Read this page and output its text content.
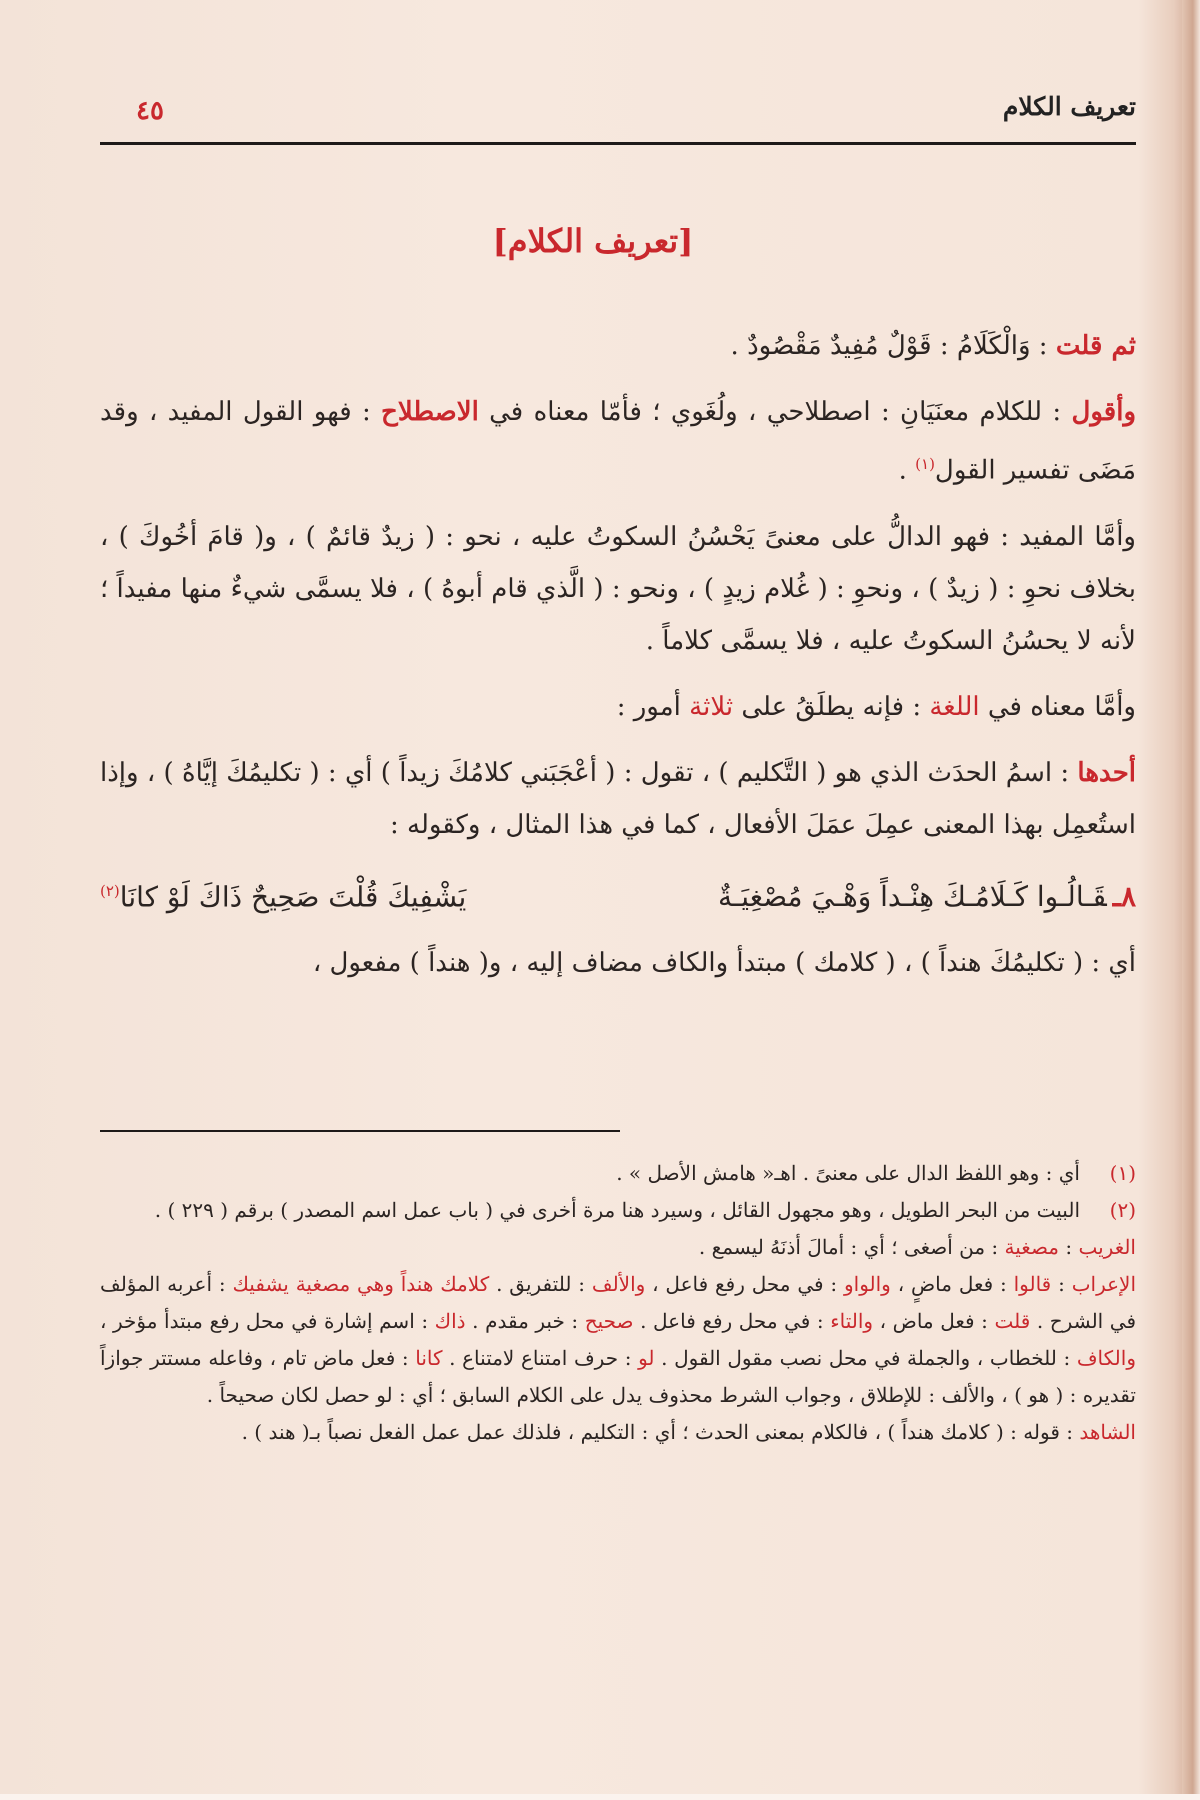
تعريف الكلام
٤٥
[تعريف الكلام]

ثم قلت : وَالْكَلَامُ : قَوْلٌ مُفِيدٌ مَقْصُودٌ .

وأقول : للكلام معنَيَانِ : اصطلاحي ، ولُغَوي ؛ فأمّا معناه في الاصطلاح : فهو القول المفيد ، وقد مَضَى تفسير القول$^{(١)}$ .

وأمَّا المفيد : فهو الدالُّ على معنىً يَحْسُنُ السكوتُ عليه ، نحو : ( زيدٌ قائمٌ ) ، و( قامَ أخُوكَ ) ، بخلاف نحوِ : ( زيدٌ ) ، ونحوِ : ( غُلام زيدٍ ) ، ونحو : ( الَّذي قام أبوهُ ) ، فلا يسمَّى شيءٌ منها مفيداً ؛ لأنه لا يحسُنُ السكوتُ عليه ، فلا يسمَّى كلاماً .

وأمَّا معناه في اللغة : فإنه يطلَقُ على ثلاثة أمور :

أحدها : اسمُ الحدَث الذي هو ( التَّكليم ) ، تقول : ( أعْجَبَني كلامُكَ زيداً ) أي : ( تكليمُكَ إيَّاهُ ) ، وإذا استُعمِل بهذا المعنى عمِلَ عمَلَ الأفعال ، كما في هذا المثال ، وكقوله :

٨ـقَـالُـوا كَـلَامُـكَ هِنْـداً وَهْـيَ مُصْغِيَـةٌ
يَشْفِيكَ قُلْتَ صَحِيحٌ ذَاكَ لَوْ كانَا$^{(٢)}$

أي : ( تكليمُكَ هنداً ) ، ( كلامك ) مبتدأ والكاف مضاف إليه ، و( هنداً ) مفعول ،

(١)
أي : وهو اللفظ الدال على معنىً . اهـ« هامش الأصل » .
(٢)
البيت من البحر الطويل ، وهو مجهول القائل ، وسيرد هنا مرة أخرى في ( باب عمل اسم المصدر ) برقم ( ٢٢٩ ) .

الغريب : مصغية : من أصغى ؛ أي : أمالَ أذنَهُ ليسمع .

الإعراب : قالوا : فعل ماضٍ ، والواو : في محل رفع فاعل ، والألف : للتفريق . كلامك هنداً وهي مصغية يشفيك : أعربه المؤلف في الشرح . قلت : فعل ماض ، والتاء : في محل رفع فاعل . صحيح : خبر مقدم . ذاك : اسم إشارة في محل رفع مبتدأ مؤخر ، والكاف : للخطاب ، والجملة في محل نصب مقول القول . لو : حرف امتناع لامتناع . كانا : فعل ماض تام ، وفاعله مستتر جوازاً تقديره : ( هو ) ، والألف : للإطلاق ، وجواب الشرط محذوف يدل على الكلام السابق ؛ أي : لو حصل لكان صحيحاً .

الشاهد : قوله : ( كلامك هنداً ) ، فالكلام بمعنى الحدث ؛ أي : التكليم ، فلذلك عمل عمل الفعل نصباً بـ( هند ) .
